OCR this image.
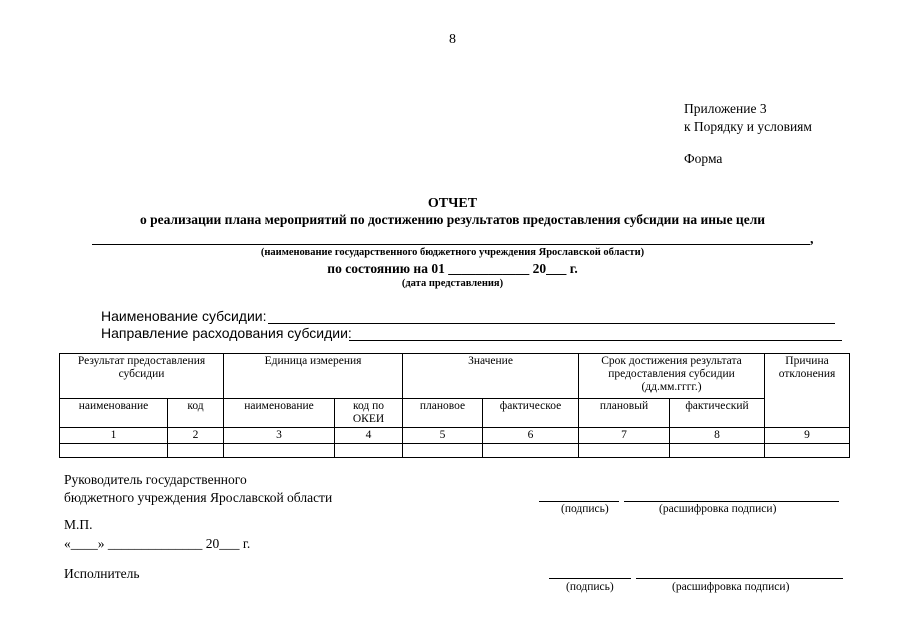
8
Приложение 3
к Порядку и условиям
Форма
ОТЧЕТ
о реализации плана мероприятий по достижению результатов предоставления субсидии на иные цели
,
(наименование государственного бюджетного учреждения Ярославской области)
по состоянию на 01 ____________ 20___ г.
(дата представления)
Наименование субсидии:
Направление расходования субсидии:
Результат предоставления субсидии		Единица измерения		Значение		Срок достижения результата предоставления субсидии (дд.мм.гггг.)		Причина отклонения
наименование	код	наименование	код по ОКЕИ	плановое	фактическое	плановый	фактический	
1	2	3	4	5	6	7	8	9

Руководитель государственного
бюджетного учреждения Ярославской области
(подпись)	(расшифровка подписи)
М.П.
«____» ______________ 20___ г.
Исполнитель
(подпись)	(расшифровка подписи)
